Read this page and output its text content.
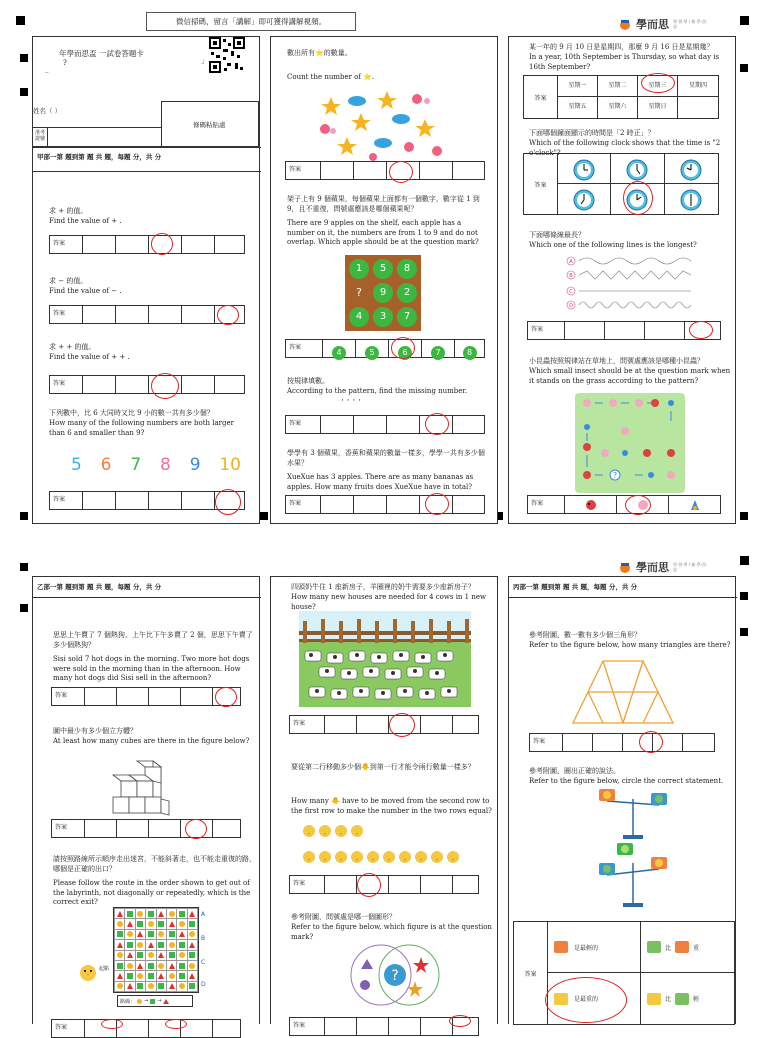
微信掃碼，留言「講解」即可獲得講解視頻。	學而思 學·習·學 / 新·學·西·思
學而思 學·習·學 / 新·學·西·思
年學而思盃 一試卷答題卡
?
_
」
姓名（ ）
條碼粘貼處
准考證號
甲部一第 題到第 題 共 題，每題 分，共 分
求 + 的值。
Find the value of + .
答案
求 − 的值。
Find the value of − .
答案
求 + + 的值。
Find the value of + + .
答案
下列數中，比 6 大同時又比 9 小的數一共有多少個？
How many of the following numbers are both larger than 6 and smaller than 9?
5 6 7 8 9 10
答案
數出所有⭐的數量。
Count the number of ⭐.
答案
架子上有 9 個蘋果，每個蘋果上面都有一個數字，數字從 1 到 9，且不重復，問號處應該是哪個蘋果呢？
There are 9 apples on the shelf, each apple has a number on it, the numbers are from 1 to 9 and do not overlap. Which apple should be at the question mark?
1	5	8
?	9	2
4	3	7
答案
4	5	6	7	8
按規律填數。
According to the pattern, find the missing number.
· · · ·
答案
學學有 3 個蘋果，香蕉和蘋果的數量一樣多，學學一共有多少個水果？
XueXue has 3 apples. There are as many bananas as apples. How many fruits does XueXue have in total?
答案
某一年的 9 月 10 日是星期四，那麼 9 月 16 日是星期幾？
In a year, 10th September is Thursday, so what day is 16th September?
答案
星期一	星期二	星期三	星期四
星期五	星期六	星期日
下面哪個鐘面顯示的時間是「2 時正」？
Which of the following clock shows that the time is "2 o'clock"?
答案
下面哪條線最長？
Which one of the following lines is the longest?
A
B
C
D
答案
小昆蟲按照規律站在草地上，問號處應該是哪種小昆蟲？
Which small insect should be at the question mark when it stands on the grass according to the pattern?
?
答案
乙部一第 題到第 題 共 題，每題 分，共 分
思思上午賣了 7 個熱狗，上午比下午多賣了 2 個，思思下午賣了多少個熱狗？
Sisi sold 7 hot dogs in the morning. Two more hot dogs were sold in the morning than in the afternoon. How many hot dogs did Sisi sell in the afternoon?
答案
圖中最少有多少個立方體？
At least how many cubes are there in the figure below?
答案
請按照路線所示順序走出迷宮，不能斜著走，也不能走重復的路，哪個是正確的出口？
Please follow the route in the order shown to get out of the labyrinth, not diagonally or repeatedly, which is the correct exit?
A
B
C
D
起點
路線： → →
答案
四頭奶牛住 1 座新房子，羊圈裡的奶牛需要多少座新房子？
How many new houses are needed for 4 cows in 1 new house?
答案
要從第二行移動多少個🐥到第一行才能令兩行數量一樣多？
How many 🐥 have to be moved from the second row to the first row to make the number in the two rows equal?
答案
參考附圖，問號處是哪一個圖形？
Refer to the figure below, which figure is at the question mark?
?
答案
丙部一第 題到第 題 共 題，每題 分，共 分
參考附圖，數一數有多少個三角形？
Refer to the figure below, how many triangles are there?
答案
參考附圖，圈出正確的說法。
Refer to the figure below, circle the correct statement.
答案
是最輕的	比	重
是最重的	比	輕
